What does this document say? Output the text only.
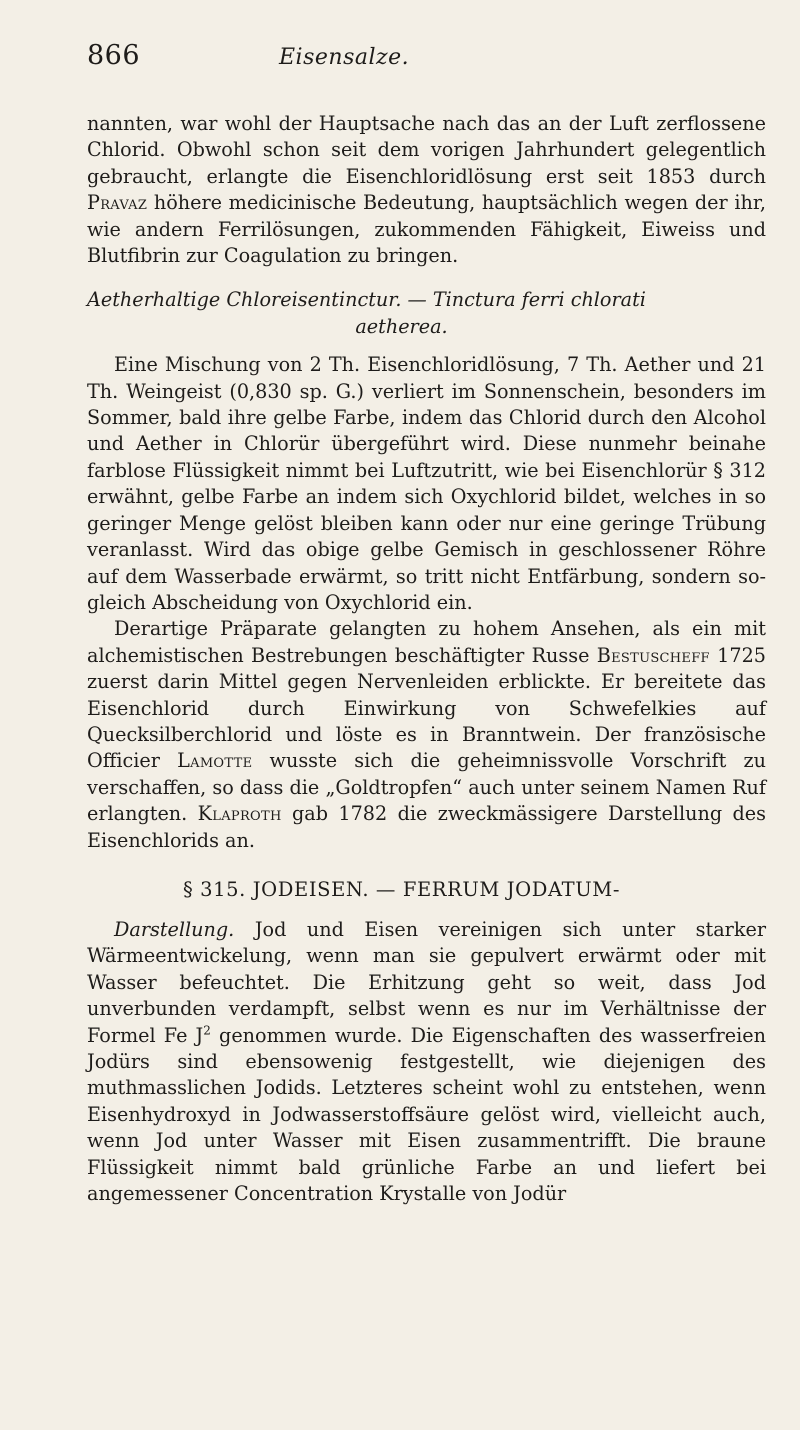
866	Eisensalze.

nannten, war wohl der Hauptsache nach das an der Luft zerflossene Chlorid. Obwohl schon seit dem vorigen Jahrhundert gelegentlich gebraucht, erlangte die Eisenchloridlösung erst seit 1853 durch Pravaz höhere medicinische Bedeutung, hauptsächlich wegen der ihr, wie andern Ferrilösungen, zukommenden Fähigkeit, Eiweiss und Blutfibrin zur Coagulation zu bringen.

Aetherhaltige Chloreisentinctur. — Tinctura ferri chlorati
aetherea.

Eine Mischung von 2 Th. Eisenchloridlösung, 7 Th. Aether und 21 Th. Weingeist (0,830 sp. G.) verliert im Sonnenschein, besonders im Sommer, bald ihre gelbe Farbe, indem das Chlorid durch den Alcohol und Aether in Chlorür übergeführt wird. Diese nunmehr beinahe farblose Flüssigkeit nimmt bei Luftzutritt, wie bei Eisenchlorür § 312 erwähnt, gelbe Farbe an indem sich Oxychlorid bildet, welches in so geringer Menge gelöst bleiben kann oder nur eine geringe Trübung veranlasst. Wird das obige gelbe Gemisch in geschlossener Röhre auf dem Wasserbade erwärmt, so tritt nicht Entfärbung, sondern sogleich Abscheidung von Oxychlorid ein.

Derartige Präparate gelangten zu hohem Ansehen, als ein mit alchemistischen Bestrebungen beschäftigter Russe Bestuscheff 1725 zuerst darin Mittel gegen Nervenleiden erblickte. Er bereitete das Eisenchlorid durch Einwirkung von Schwefelkies auf Quecksilberchlorid und löste es in Branntwein. Der französische Officier Lamotte wusste sich die geheimnissvolle Vorschrift zu verschaffen, so dass die „Goldtropfen“ auch unter seinem Namen Ruf erlangten. Klaproth gab 1782 die zweckmässigere Darstellung des Eisenchlorids an.

§ 315. JODEISEN. — FERRUM JODATUM-

Darstellung. Jod und Eisen vereinigen sich unter starker Wärmeentwickelung, wenn man sie gepulvert erwärmt oder mit Wasser befeuchtet. Die Erhitzung geht so weit, dass Jod unverbunden verdampft, selbst wenn es nur im Verhältnisse der Formel Fe $J^2$ genommen wurde. Die Eigenschaften des wasserfreien Jodürs sind ebensowenig festgestellt, wie diejenigen des muthmasslichen Jodids. Letzteres scheint wohl zu entstehen, wenn Eisenhydroxyd in Jodwasserstoffsäure gelöst wird, vielleicht auch, wenn Jod unter Wasser mit Eisen zusammentrifft. Die braune Flüssigkeit nimmt bald grünliche Farbe an und liefert bei angemessener Concentration Krystalle von Jodür
